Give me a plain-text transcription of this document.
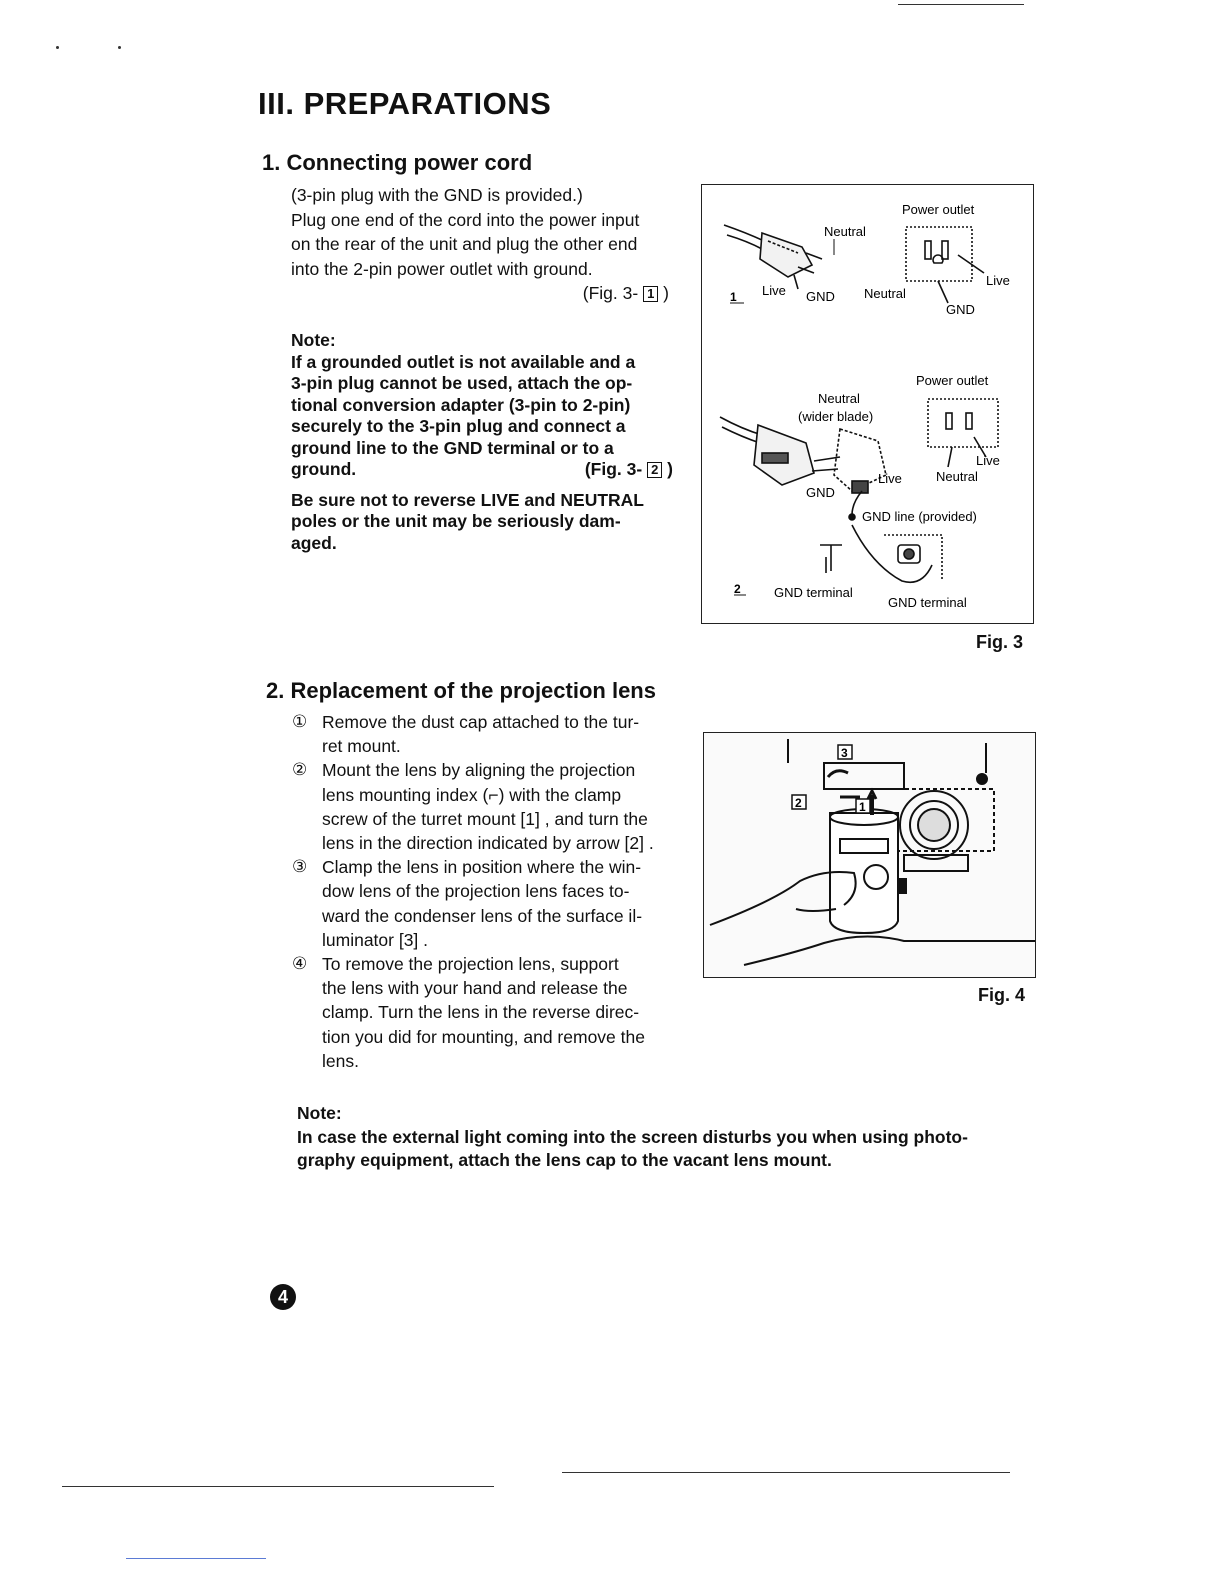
III. PREPARATIONS
1. Connecting power cord

(3-pin plug with the GND is provided.)

Plug one end of the cord into the power input

on the rear of the unit and plug the other end

into the 2-pin power outlet with ground.

(Fig. 3- 1 )

Note:

If a grounded outlet is not available and a

3-pin plug cannot be used, attach the op-

tional conversion adapter (3-pin to 2-pin)

securely to the 3-pin plug and connect a

ground line to the GND terminal or to a

ground.	(Fig. 3- 2 )

Be sure not to reverse LIVE and NEUTRAL

poles or the unit may be seriously dam-

aged.

Neutral
Live GND
1
Power outlet
Neutral
Live
GND
Power outlet
Neutral
(wider blade)
Live
GND
Live
Neutral
GND line (provided)
2	GND terminal
GND terminal
Fig. 3
2. Replacement of the projection lens
① Remove the dust cap attached to the tur-

ret mount.

② Mount the lens by aligning the projection

lens mounting index (⌐) with the clamp

screw of the turret mount [1] , and turn the

lens in the direction indicated by arrow [2] .

③ Clamp the lens in position where the win-

dow lens of the projection lens faces to-

ward the condenser lens of the surface il-

luminator [3] .

④ To remove the projection lens, support

the lens with your hand and release the

clamp. Turn the lens in the reverse direc-

tion you did for mounting, and remove the

lens.

3
2	1
Fig. 4

Note:

In case the external light coming into the screen disturbs you when using photo-

graphy equipment, attach the lens cap to the vacant lens mount.

4
